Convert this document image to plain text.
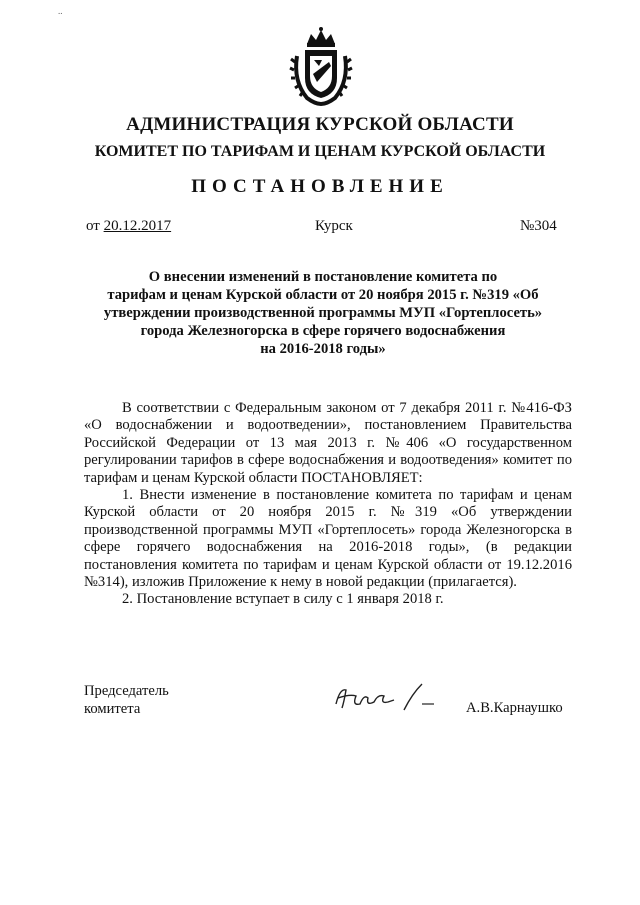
..
АДМИНИСТРАЦИЯ КУРСКОЙ ОБЛАСТИ
КОМИТЕТ ПО ТАРИФАМ И ЦЕНАМ КУРСКОЙ ОБЛАСТИ
ПОСТАНОВЛЕНИЕ
от 20.12.2017	Курск	№304
О внесении изменений в постановление комитета по
тарифам и ценам Курской области от 20 ноября 2015 г. №319 «Об
утверждении производственной программы МУП «Гортеплосеть»
города Железногорска в сфере горячего водоснабжения
на 2016-2018 годы»

В соответствии с Федеральным законом от 7 декабря 2011 г. №416-ФЗ «О водоснабжении и водоотведении», постановлением Правительства Российской Федерации от 13 мая 2013 г. №406 «О государственном регулировании тарифов в сфере водоснабжения и водоотведения» комитет по тарифам и ценам Курской области ПОСТАНОВЛЯЕТ:

1. Внести изменение в постановление комитета по тарифам и ценам Курской области от 20 ноября 2015 г. №319 «Об утверждении производственной программы МУП «Гортеплосеть» города Железногорска в сфере горячего водоснабжения на 2016-2018 годы», (в редакции постановления комитета по тарифам и ценам Курской области от 19.12.2016 №314), изложив Приложение к нему в новой редакции (прилагается).

2. Постановление вступает в силу с 1 января 2018 г.

Председатель
комитета	А.В.Карнаушко
